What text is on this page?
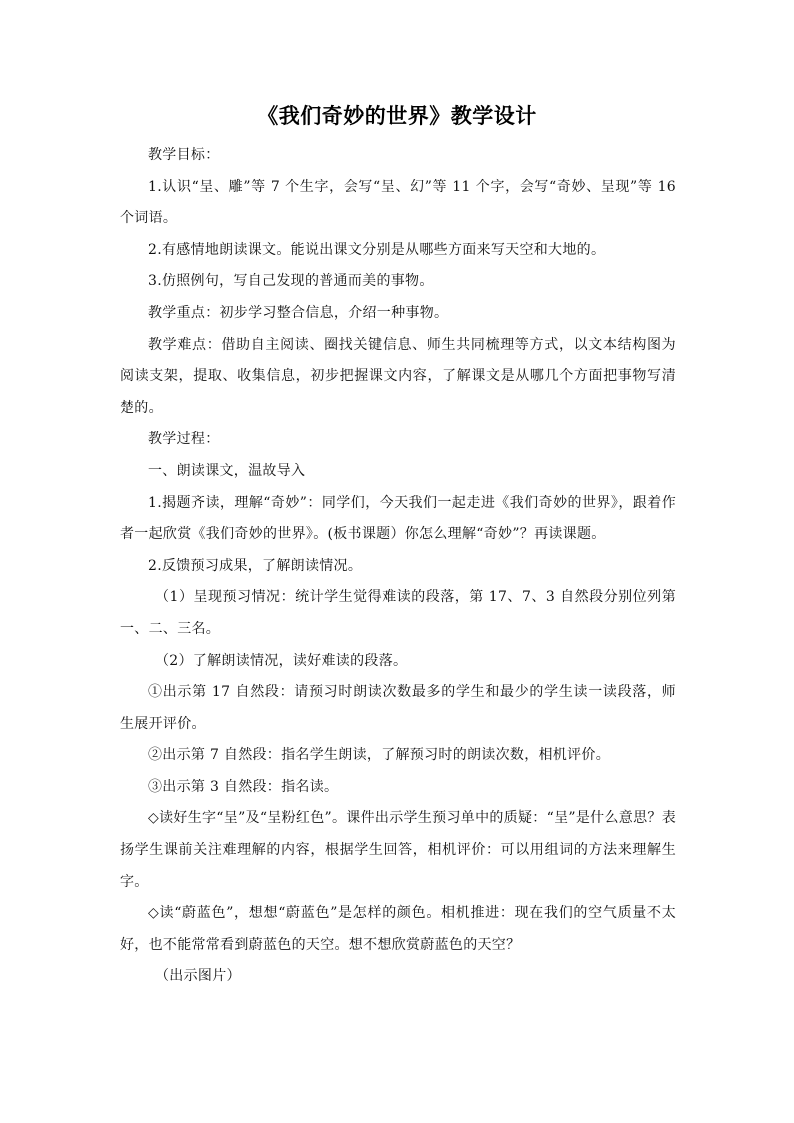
《我们奇妙的世界》教学设计

教学目标：

1.认识“呈、雕”等 7 个生字，会写“呈、幻”等 11 个字，会写“奇妙、呈现”等 16 个词语。

2.有感情地朗读课文。能说出课文分别是从哪些方面来写天空和大地的。

3.仿照例句，写自己发现的普通而美的事物。

教学重点：初步学习整合信息，介绍一种事物。

教学难点：借助自主阅读、圈找关键信息、师生共同梳理等方式，以文本结构图为阅读支架，提取、收集信息，初步把握课文内容，了解课文是从哪几个方面把事物写清楚的。

教学过程：

一、朗读课文，温故导入

1.揭题齐读，理解“奇妙”：同学们，今天我们一起走进《我们奇妙的世界》，跟着作者一起欣赏《我们奇妙的世界》。(板书课题）你怎么理解“奇妙”？再读课题。

2.反馈预习成果，了解朗读情况。

（1）呈现预习情况：统计学生觉得难读的段落，第 17、7、3 自然段分别位列第一、二、三名。

（2）了解朗读情况，读好难读的段落。

①出示第 17 自然段：请预习时朗读次数最多的学生和最少的学生读一读段落，师生展开评价。

②出示第 7 自然段：指名学生朗读，了解预习时的朗读次数，相机评价。

③出示第 3 自然段：指名读。

◇读好生字“呈”及“呈粉红色”。课件出示学生预习单中的质疑：“呈”是什么意思？表扬学生课前关注难理解的内容，根据学生回答，相机评价：可以用组词的方法来理解生字。

◇读“蔚蓝色”，想想“蔚蓝色”是怎样的颜色。相机推进：现在我们的空气质量不太好，也不能常常看到蔚蓝色的天空。想不想欣赏蔚蓝色的天空？

（出示图片）
